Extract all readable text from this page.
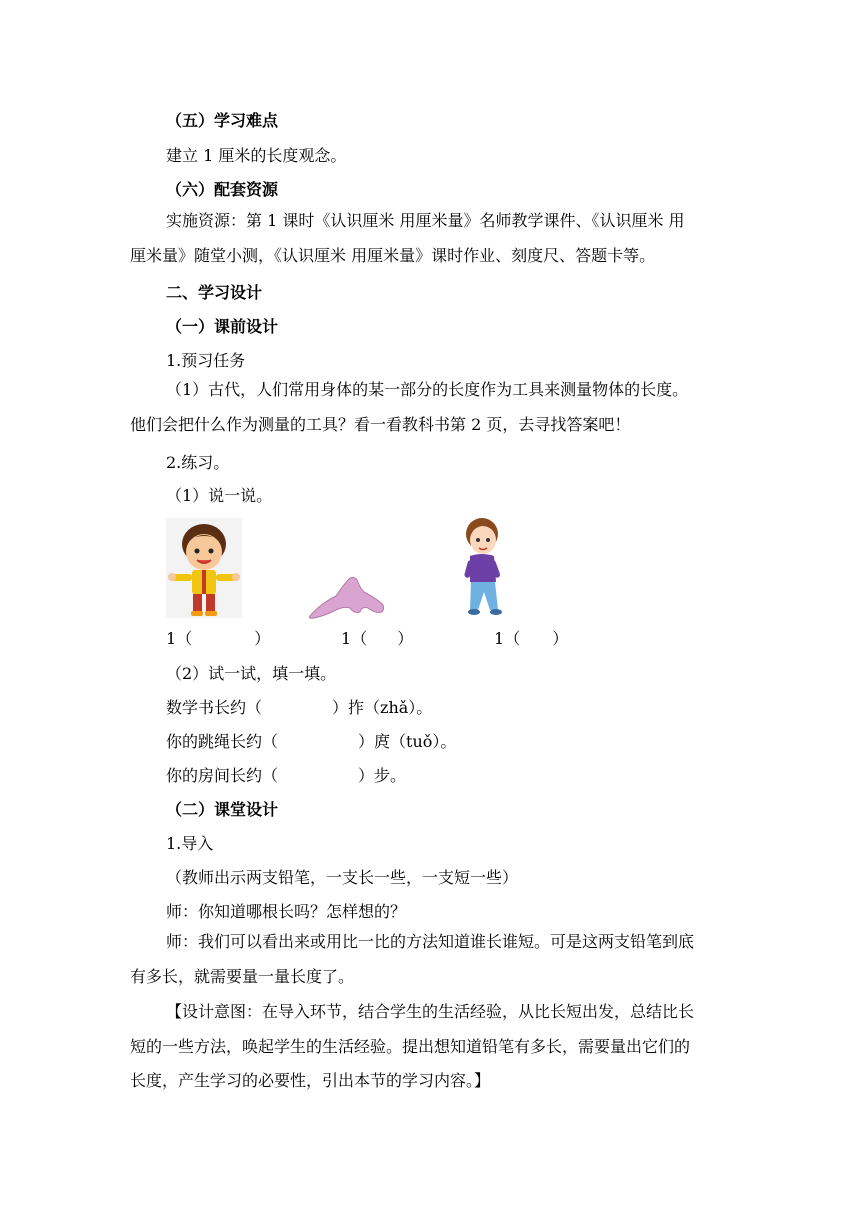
（五）学习难点
建立 1 厘米的长度观念。
（六）配套资源
实施资源：第 1 课时《认识厘米 用厘米量》名师教学课件、《认识厘米 用
厘米量》随堂小测，《认识厘米 用厘米量》课时作业、刻度尺、答题卡等。
二、学习设计
（一）课前设计
1.预习任务
（1）古代，人们常用身体的某一部分的长度作为工具来测量物体的长度。
他们会把什么作为测量的工具？看一看教科书第 2 页，去寻找答案吧！
2.练习。
（1）说一说。
1（	）	1（ ）	1（ ）
（2）试一试，填一填。
数学书长约（	）拃（zhǎ）。
你的跳绳长约（	）庹（tuǒ）。
你的房间长约（	）步。
（二）课堂设计
1.导入
（教师出示两支铅笔，一支长一些，一支短一些）
师：你知道哪根长吗？怎样想的？
师：我们可以看出来或用比一比的方法知道谁长谁短。可是这两支铅笔到底
有多长，就需要量一量长度了。
【设计意图：在导入环节，结合学生的生活经验，从比长短出发，总结比长
短的一些方法，唤起学生的生活经验。提出想知道铅笔有多长，需要量出它们的
长度，产生学习的必要性，引出本节的学习内容。】
